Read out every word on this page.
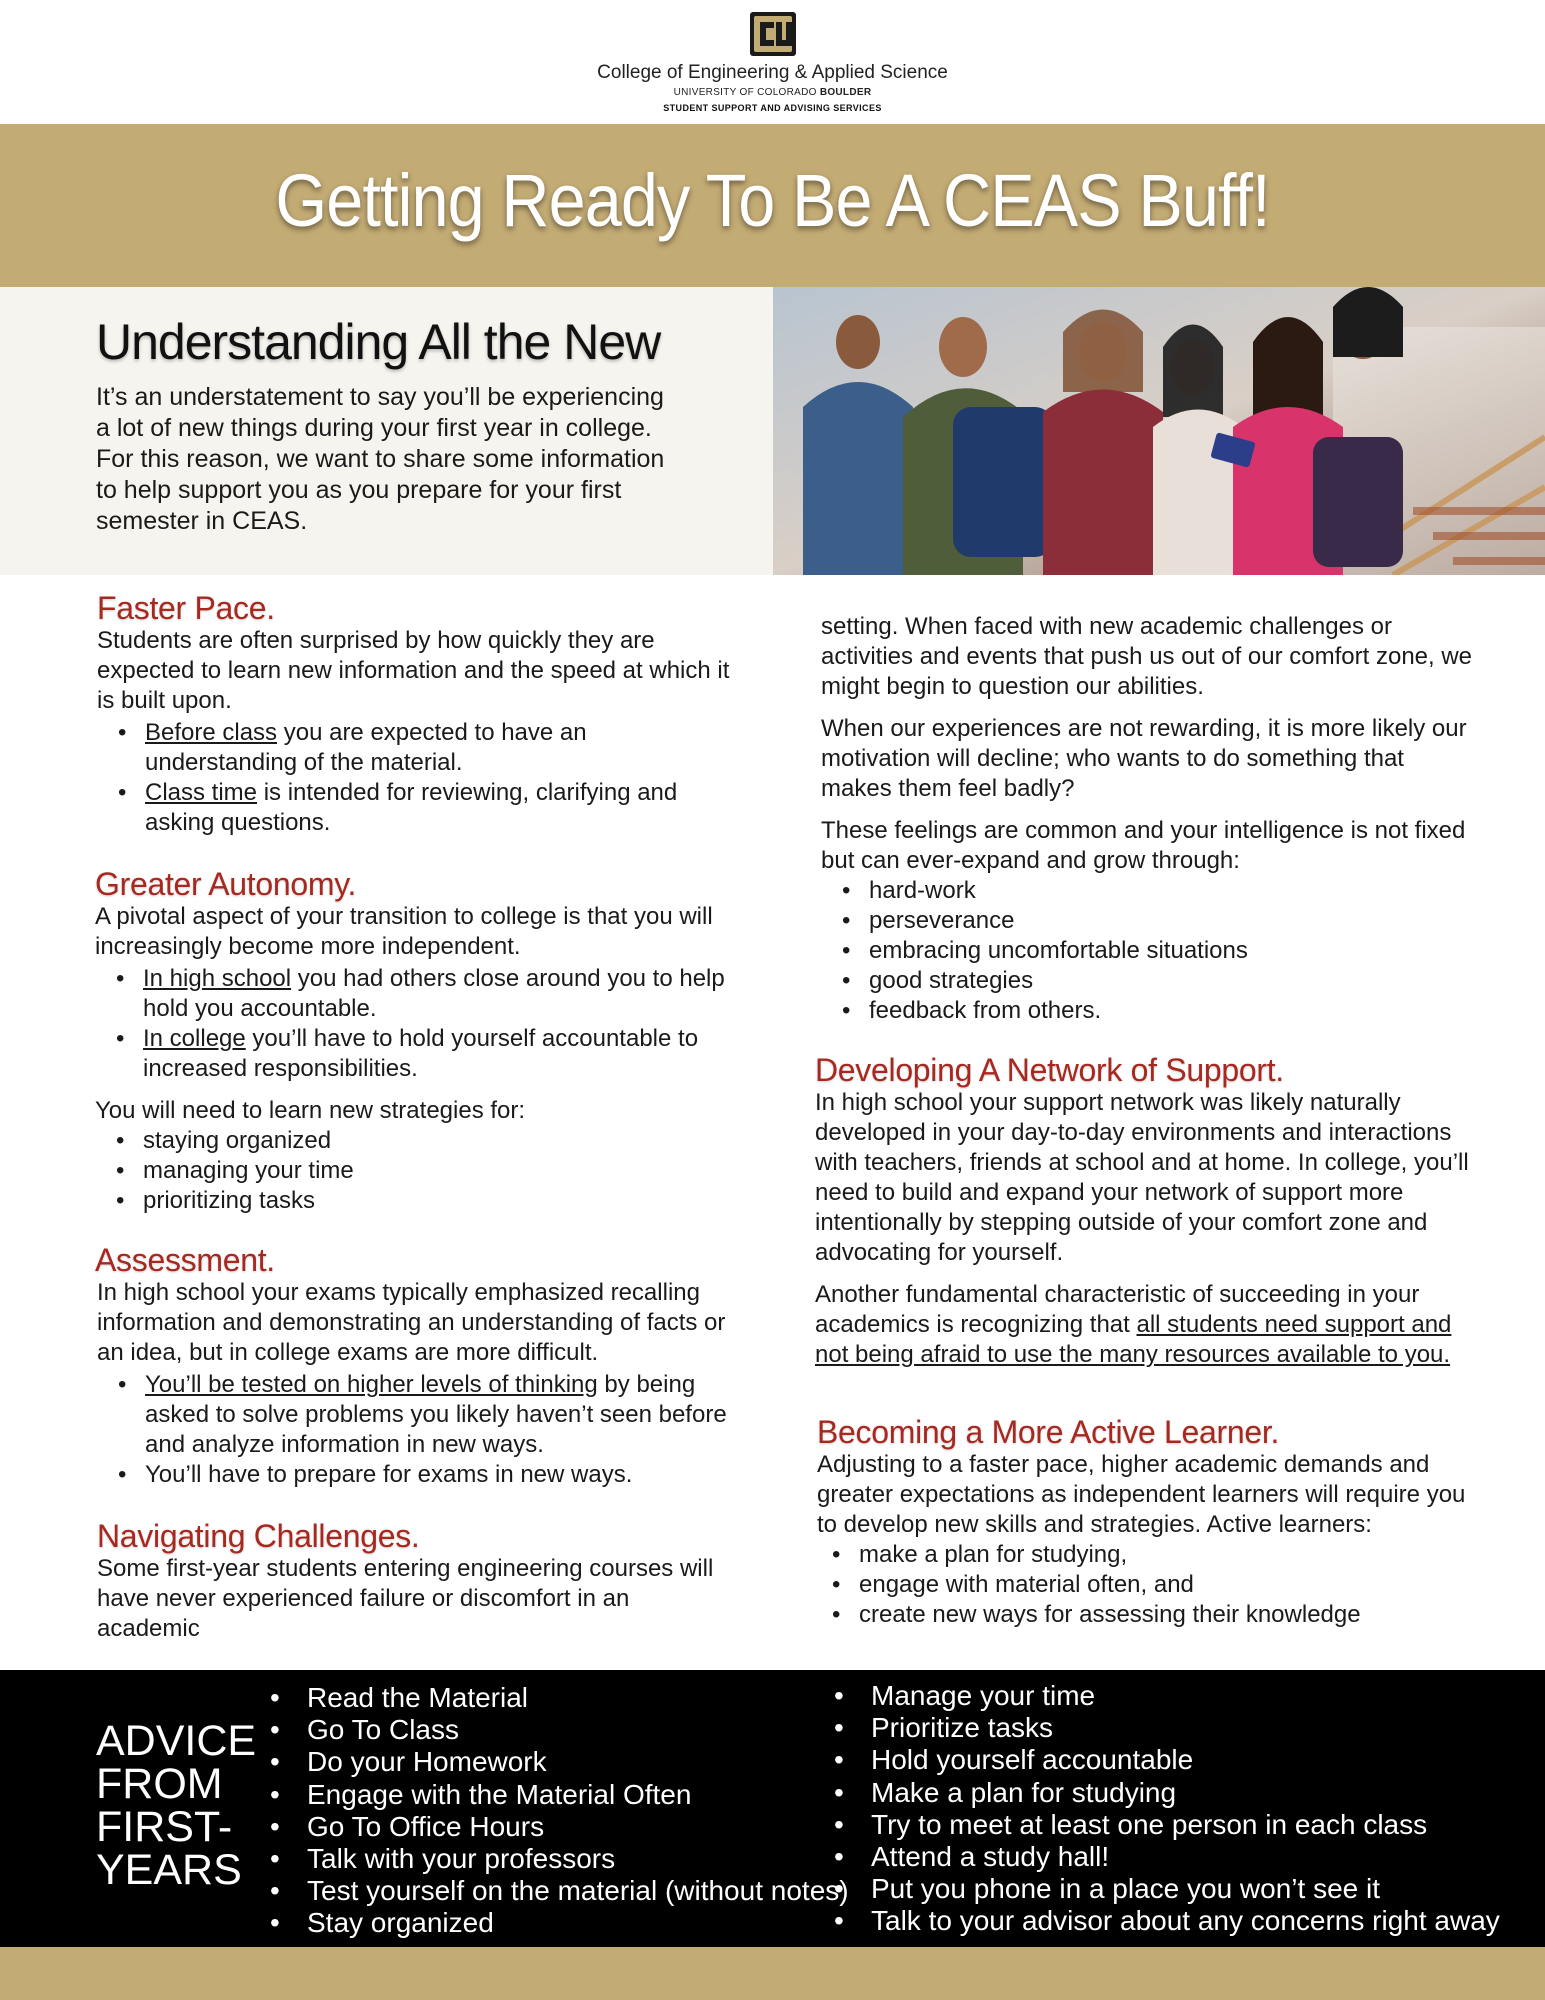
College of Engineering & Applied Science
UNIVERSITY OF COLORADO BOULDER
STUDENT SUPPORT AND ADVISING SERVICES
Getting Ready To Be A CEAS Buff!
Understanding All the New

It’s an understatement to say you’ll be experiencing a lot of new things during your first year in college. For this reason, we want to share some information to help support you as you prepare for your first semester in CEAS.

Faster Pace.

Students are often surprised by how quickly they are expected to learn new information and the speed at which it is built upon.

• Before class you are expected to have an understanding of the material.
• Class time is intended for reviewing, clarifying and asking questions.
Greater Autonomy.

A pivotal aspect of your transition to college is that you will increasingly become more independent.

• In high school you had others close around you to help hold you accountable.
• In college you’ll have to hold yourself accountable to increased responsibilities.

You will need to learn new strategies for:

• staying organized
• managing your time
• prioritizing tasks
Assessment.

In high school your exams typically emphasized recalling information and demonstrating an understanding of facts or an idea, but in college exams are more difficult.

• You’ll be tested on higher levels of thinking by being asked to solve problems you likely haven’t seen before and analyze information in new ways.
• You’ll have to prepare for exams in new ways.
Navigating Challenges.

Some first-year students entering engineering courses will have never experienced failure or discomfort in an academic

setting. When faced with new academic challenges or activities and events that push us out of our comfort zone, we might begin to question our abilities.

When our experiences are not rewarding, it is more likely our motivation will decline; who wants to do something that makes them feel badly?

These feelings are common and your intelligence is not fixed but can ever-expand and grow through:

• hard-work
• perseverance
• embracing uncomfortable situations
• good strategies
• feedback from others.
Developing A Network of Support.

In high school your support network was likely naturally developed in your day-to-day environments and interactions with teachers, friends at school and at home. In college, you’ll need to build and expand your network of support more intentionally by stepping outside of your comfort zone and advocating for yourself.

Another fundamental characteristic of succeeding in your academics is recognizing that all students need support and not being afraid to use the many resources available to you.

Becoming a More Active Learner.

Adjusting to a faster pace, higher academic demands and greater expectations as independent learners will require you to develop new skills and strategies. Active learners:

• make a plan for studying,
• engage with material often, and
• create new ways for assessing their knowledge
ADVICE FROM FIRST-YEARS
• Read the Material
• Go To Class
• Do your Homework
• Engage with the Material Often
• Go To Office Hours
• Talk with your professors
• Test yourself on the material (without notes)
• Stay organized
• Manage your time
• Prioritize tasks
• Hold yourself accountable
• Make a plan for studying
• Try to meet at least one person in each class
• Attend a study hall!
• Put you phone in a place you won’t see it
• Talk to your advisor about any concerns right away
